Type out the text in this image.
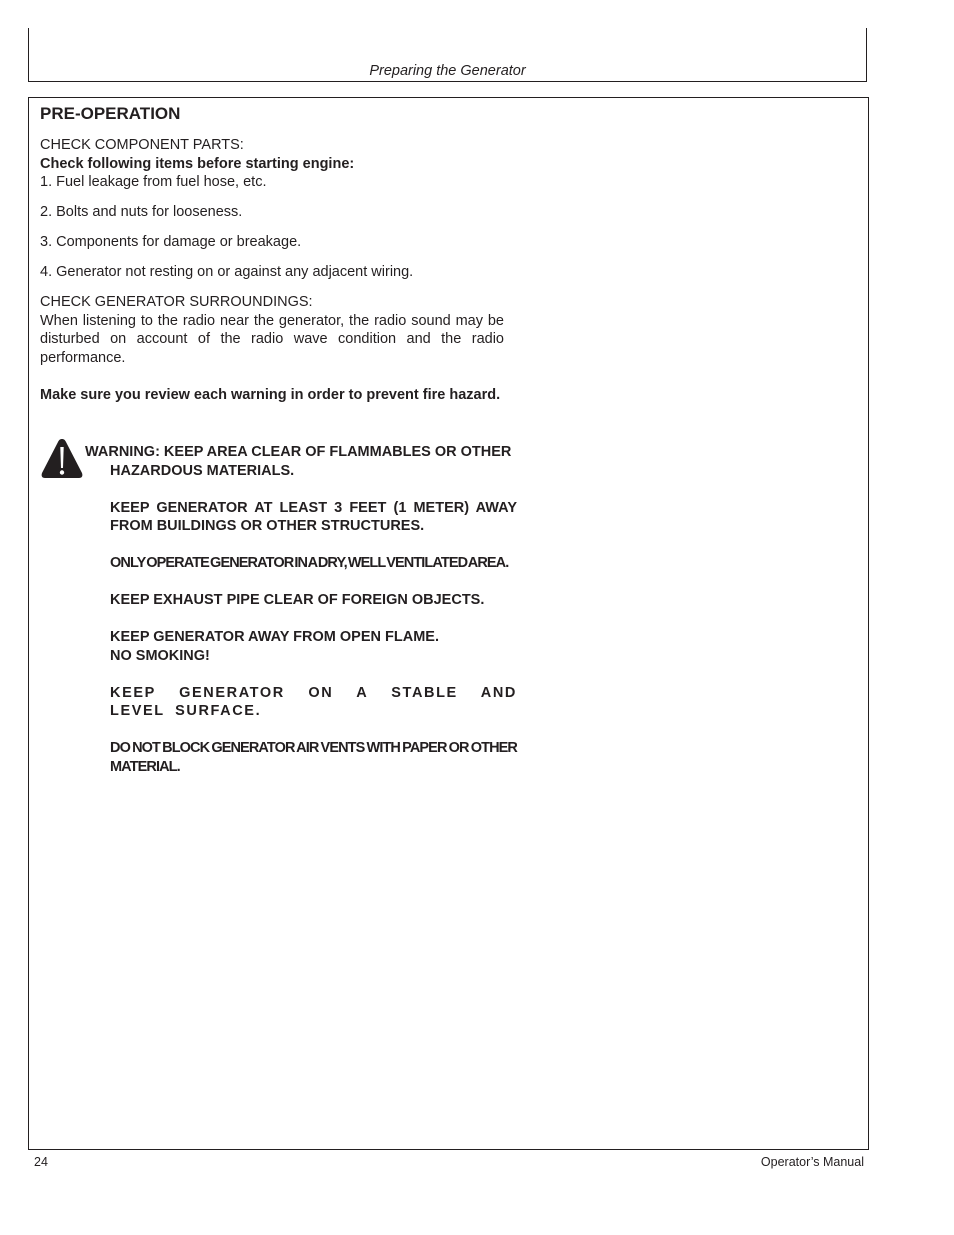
Preparing the Generator
PRE-OPERATION

CHECK COMPONENT PARTS:

Check following items before starting engine:

1. Fuel leakage from fuel hose, etc.

2. Bolts and nuts for looseness.

3. Components for damage or breakage.

4. Generator not resting on or against any adjacent wiring.

CHECK GENERATOR SURROUNDINGS:

When listening to the radio near the generator, the radio sound may be disturbed on account of the radio wave condition and the radio performance.

Make sure you review each warning in order to prevent fire hazard.

WARNING: KEEP AREA CLEAR OF FLAMMABLES OR OTHER HAZARDOUS MATERIALS.

KEEP GENERATOR AT LEAST 3 FEET (1 METER) AWAY FROM BUILDINGS OR OTHER STRUCTURES.

ONLY OPERATE GENERATOR IN A DRY, WELL VENTILATED AREA.

KEEP EXHAUST PIPE CLEAR OF FOREIGN OBJECTS.

KEEP GENERATOR AWAY FROM OPEN FLAME.

NO SMOKING!

KEEP GENERATOR ON A STABLE AND LEVEL SURFACE.

DO NOT BLOCK GENERATOR AIR VENTS WITH PAPER OR OTHER MATERIAL.

24	Operator’s Manual
